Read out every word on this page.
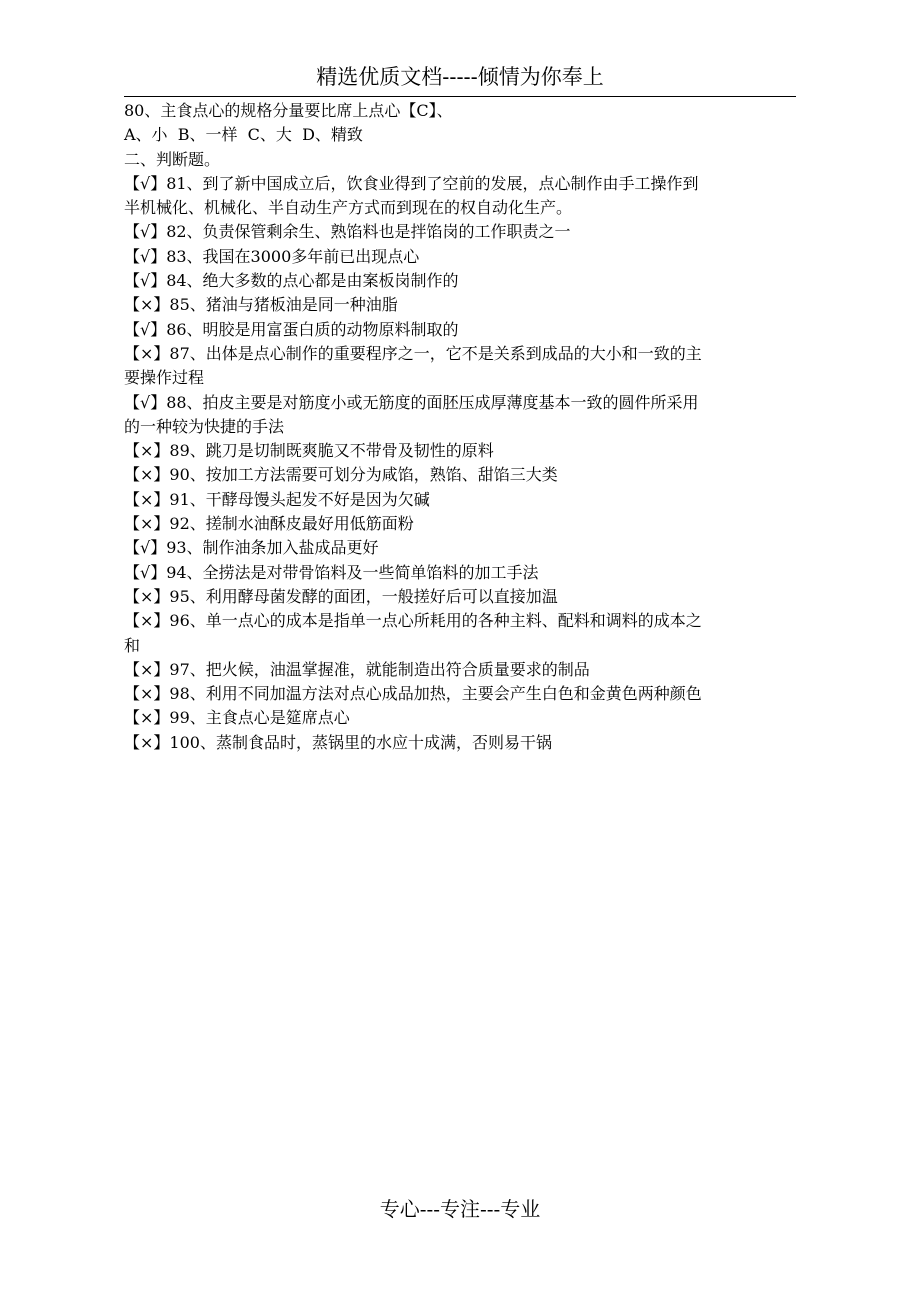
精选优质文档-----倾情为你奉上
80、主食点心的规格分量要比席上点心【C】、
A、小  B、一样  C、大  D、精致
二、判断题。
【√】81、到了新中国成立后，饮食业得到了空前的发展，点心制作由手工操作到
半机械化、机械化、半自动生产方式而到现在的权自动化生产。
【√】82、负责保管剩余生、熟馅料也是拌馅岗的工作职责之一
【√】83、我国在3000多年前已出现点心
【√】84、绝大多数的点心都是由案板岗制作的
【×】85、猪油与猪板油是同一种油脂
【√】86、明胶是用富蛋白质的动物原料制取的
【×】87、出体是点心制作的重要程序之一，它不是关系到成品的大小和一致的主
要操作过程
【√】88、拍皮主要是对筋度小或无筋度的面胚压成厚薄度基本一致的圆件所采用
的一种较为快捷的手法
【×】89、跳刀是切制既爽脆又不带骨及韧性的原料
【×】90、按加工方法需要可划分为咸馅，熟馅、甜馅三大类
【×】91、干酵母馒头起发不好是因为欠碱
【×】92、搓制水油酥皮最好用低筋面粉
【√】93、制作油条加入盐成品更好
【√】94、全捞法是对带骨馅料及一些简单馅料的加工手法
【×】95、利用酵母菌发酵的面团，一般搓好后可以直接加温
【×】96、单一点心的成本是指单一点心所耗用的各种主料、配料和调料的成本之
和
【×】97、把火候，油温掌握准，就能制造出符合质量要求的制品
【×】98、利用不同加温方法对点心成品加热，主要会产生白色和金黄色两种颜色
【×】99、主食点心是筵席点心
【×】100、蒸制食品时，蒸锅里的水应十成满，否则易干锅
专心---专注---专业
